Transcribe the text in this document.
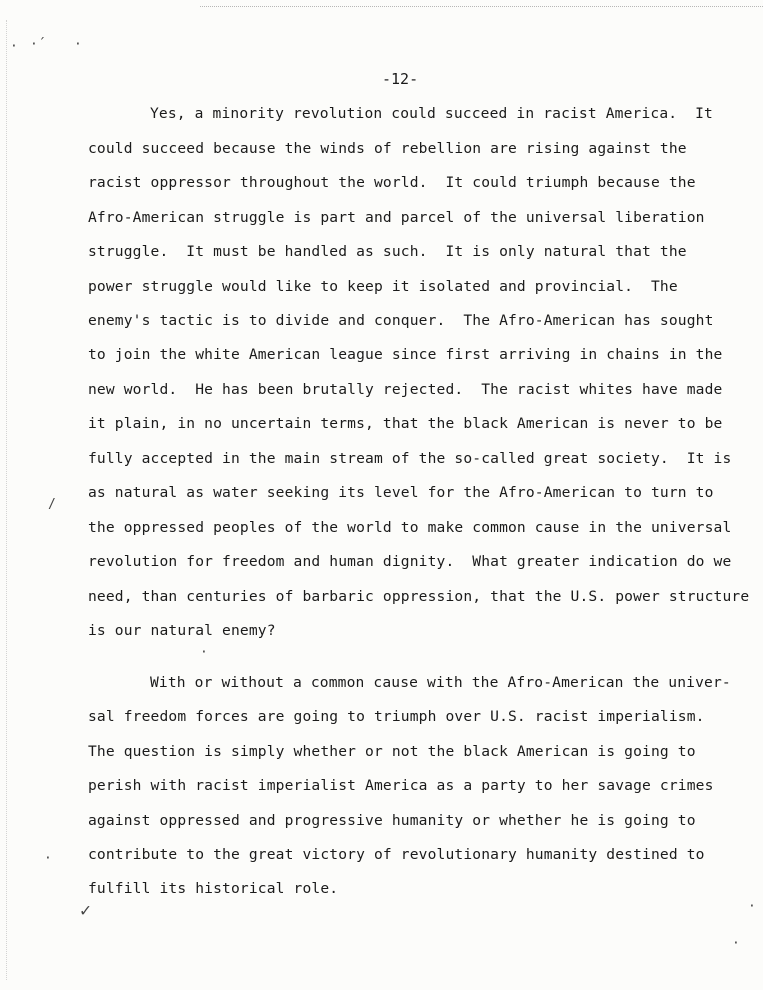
· ·´ ·
/
·
✓	·
·
·
-12-
Yes, a minority revolution could succeed in racist America.  It
could succeed because the winds of rebellion are rising against the
racist oppressor throughout the world.  It could triumph because the
Afro-American struggle is part and parcel of the universal liberation
struggle.  It must be handled as such.  It is only natural that the
power struggle would like to keep it isolated and provincial.  The
enemy's tactic is to divide and conquer.  The Afro-American has sought
to join the white American league since first arriving in chains in the
new world.  He has been brutally rejected.  The racist whites have made
it plain, in no uncertain terms, that the black American is never to be
fully accepted in the main stream of the so-called great society.  It is
as natural as water seeking its level for the Afro-American to turn to
the oppressed peoples of the world to make common cause in the universal
revolution for freedom and human dignity.  What greater indication do we
need, than centuries of barbaric oppression, that the U.S. power structure
is our natural enemy?
With or without a common cause with the Afro-American the univer-
sal freedom forces are going to triumph over U.S. racist imperialism.
The question is simply whether or not the black American is going to
perish with racist imperialist America as a party to her savage crimes
against oppressed and progressive humanity or whether he is going to
contribute to the great victory of revolutionary humanity destined to
fulfill its historical role.
